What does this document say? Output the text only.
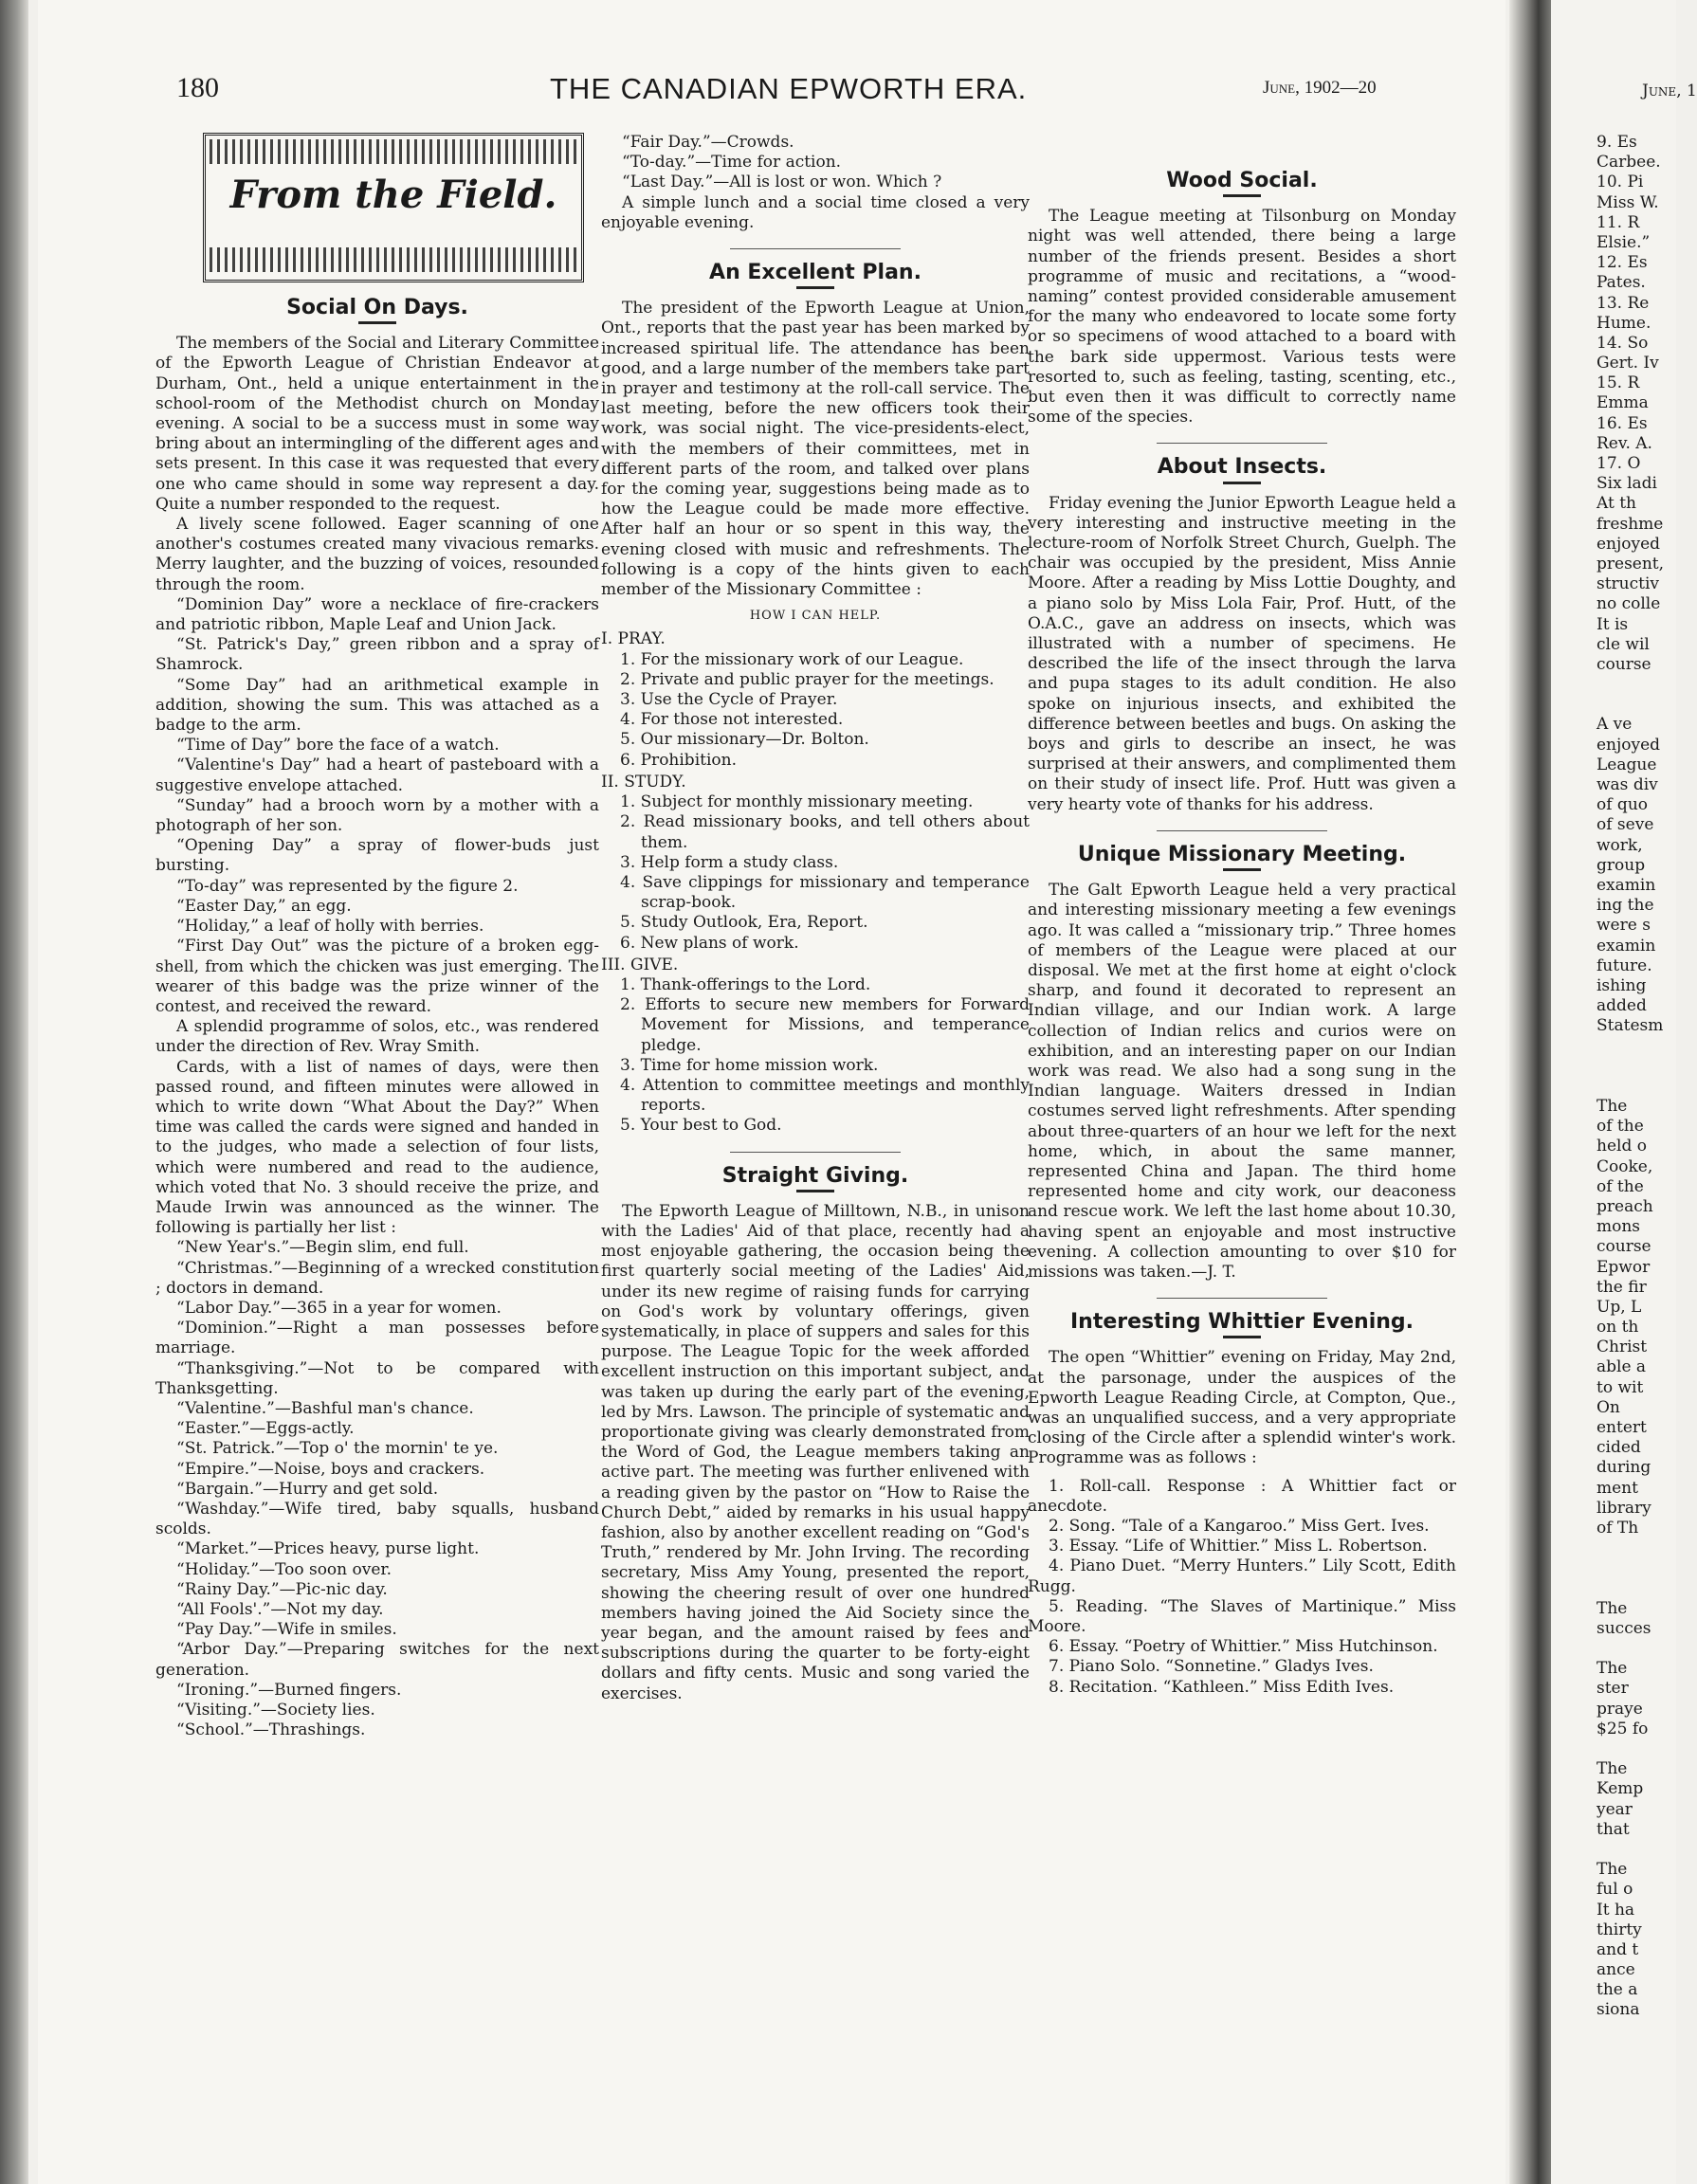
180	THE CANADIAN EPWORTH ERA.	June, 1902—20
From the Field.
Social On Days.

The members of the Social and Literary Committee of the Epworth League of Christian Endeavor at Durham, Ont., held a unique entertainment in the school-room of the Methodist church on Monday evening. A social to be a success must in some way bring about an intermingling of the different ages and sets present. In this case it was requested that every one who came should in some way represent a day. Quite a number responded to the request.

A lively scene followed. Eager scanning of one another's costumes created many vivacious remarks. Merry laughter, and the buzzing of voices, resounded through the room.

“Dominion Day” wore a necklace of fire-crackers and patriotic ribbon, Maple Leaf and Union Jack.

“St. Patrick's Day,” green ribbon and a spray of Shamrock.

“Some Day” had an arithmetical example in addition, showing the sum. This was attached as a badge to the arm.

“Time of Day” bore the face of a watch.

“Valentine's Day” had a heart of pasteboard with a suggestive envelope attached.

“Sunday” had a brooch worn by a mother with a photograph of her son.

“Opening Day” a spray of flower-buds just bursting.

“To-day” was represented by the figure 2.

“Easter Day,” an egg.

“Holiday,” a leaf of holly with berries.

“First Day Out” was the picture of a broken egg-shell, from which the chicken was just emerging. The wearer of this badge was the prize winner of the contest, and received the reward.

A splendid programme of solos, etc., was rendered under the direction of Rev. Wray Smith.

Cards, with a list of names of days, were then passed round, and fifteen minutes were allowed in which to write down “What About the Day?” When time was called the cards were signed and handed in to the judges, who made a selection of four lists, which were numbered and read to the audience, which voted that No. 3 should receive the prize, and Maude Irwin was announced as the winner. The following is partially her list :

“New Year's.”—Begin slim, end full.

“Christmas.”—Beginning of a wrecked constitution ; doctors in demand.

“Labor Day.”—365 in a year for women.

“Dominion.”—Right a man possesses before marriage.

“Thanksgiving.”—Not to be compared with Thanksgetting.

“Valentine.”—Bashful man's chance.

“Easter.”—Eggs-actly.

“St. Patrick.”—Top o' the mornin' te ye.

“Empire.”—Noise, boys and crackers.

“Bargain.”—Hurry and get sold.

“Washday.”—Wife tired, baby squalls, husband scolds.

“Market.”—Prices heavy, purse light.

“Holiday.”—Too soon over.

“Rainy Day.”—Pic-nic day.

“All Fools'.”—Not my day.

“Pay Day.”—Wife in smiles.

“Arbor Day.”—Preparing switches for the next generation.

“Ironing.”—Burned fingers.

“Visiting.”—Society lies.

“School.”—Thrashings.

“Fair Day.”—Crowds.

“To-day.”—Time for action.

“Last Day.”—All is lost or won. Which ?

A simple lunch and a social time closed a very enjoyable evening.

An Excellent Plan.

The president of the Epworth League at Union, Ont., reports that the past year has been marked by increased spiritual life. The attendance has been good, and a large number of the members take part in prayer and testimony at the roll-call service. The last meeting, before the new officers took their work, was social night. The vice-presidents-elect, with the members of their committees, met in different parts of the room, and talked over plans for the coming year, suggestions being made as to how the League could be made more effective. After half an hour or so spent in this way, the evening closed with music and refreshments. The following is a copy of the hints given to each member of the Missionary Committee :

HOW I CAN HELP.
I. PRAY.
1. For the missionary work of our League.
2. Private and public prayer for the meetings.
3. Use the Cycle of Prayer.
4. For those not interested.
5. Our missionary—Dr. Bolton.
6. Prohibition.
II. STUDY.
1. Subject for monthly missionary meeting.
2. Read missionary books, and tell others about them.
3. Help form a study class.
4. Save clippings for missionary and temperance scrap-book.
5. Study Outlook, Era, Report.
6. New plans of work.
III. GIVE.
1. Thank-offerings to the Lord.
2. Efforts to secure new members for Forward Movement for Missions, and temperance pledge.
3. Time for home mission work.
4. Attention to committee meetings and monthly reports.
5. Your best to God.
Straight Giving.

The Epworth League of Milltown, N.B., in unison with the Ladies' Aid of that place, recently had a most enjoyable gathering, the occasion being the first quarterly social meeting of the Ladies' Aid, under its new regime of raising funds for carrying on God's work by voluntary offerings, given systematically, in place of suppers and sales for this purpose. The League Topic for the week afforded excellent instruction on this important subject, and was taken up during the early part of the evening, led by Mrs. Lawson. The principle of systematic and proportionate giving was clearly demonstrated from the Word of God, the League members taking an active part. The meeting was further enlivened with a reading given by the pastor on “How to Raise the Church Debt,” aided by remarks in his usual happy fashion, also by another excellent reading on “God's Truth,” rendered by Mr. John Irving. The recording secretary, Miss Amy Young, presented the report, showing the cheering result of over one hundred members having joined the Aid Society since the year began, and the amount raised by fees and subscriptions during the quarter to be forty-eight dollars and fifty cents. Music and song varied the exercises.

Wood Social.

The League meeting at Tilsonburg on Monday night was well attended, there being a large number of the friends present. Besides a short programme of music and recitations, a “wood-naming” contest provided considerable amusement for the many who endeavored to locate some forty or so specimens of wood attached to a board with the bark side uppermost. Various tests were resorted to, such as feeling, tasting, scenting, etc., but even then it was difficult to correctly name some of the species.

About Insects.

Friday evening the Junior Epworth League held a very interesting and instructive meeting in the lecture-room of Norfolk Street Church, Guelph. The chair was occupied by the president, Miss Annie Moore. After a reading by Miss Lottie Doughty, and a piano solo by Miss Lola Fair, Prof. Hutt, of the O.A.C., gave an address on insects, which was illustrated with a number of specimens. He described the life of the insect through the larva and pupa stages to its adult condition. He also spoke on injurious insects, and exhibited the difference between beetles and bugs. On asking the boys and girls to describe an insect, he was surprised at their answers, and complimented them on their study of insect life. Prof. Hutt was given a very hearty vote of thanks for his address.

Unique Missionary Meeting.

The Galt Epworth League held a very practical and interesting missionary meeting a few evenings ago. It was called a “missionary trip.” Three homes of members of the League were placed at our disposal. We met at the first home at eight o'clock sharp, and found it decorated to represent an Indian village, and our Indian work. A large collection of Indian relics and curios were on exhibition, and an interesting paper on our Indian work was read. We also had a song sung in the Indian language. Waiters dressed in Indian costumes served light refreshments. After spending about three-quarters of an hour we left for the next home, which, in about the same manner, represented China and Japan. The third home represented home and city work, our deaconess and rescue work. We left the last home about 10.30, having spent an enjoyable and most instructive evening. A collection amounting to over $10 for missions was taken.—J. T.

Interesting Whittier Evening.

The open “Whittier” evening on Friday, May 2nd, at the parsonage, under the auspices of the Epworth League Reading Circle, at Compton, Que., was an unqualified success, and a very appropriate closing of the Circle after a splendid winter's work. Programme was as follows :

1. Roll-call. Response : A Whittier fact or anecdote.

2. Song. “Tale of a Kangaroo.” Miss Gert. Ives.

3. Essay. “Life of Whittier.” Miss L. Robertson.

4. Piano Duet. “Merry Hunters.” Lily Scott, Edith Rugg.

5. Reading. “The Slaves of Martinique.” Miss Moore.

6. Essay. “Poetry of Whittier.” Miss Hutchinson.

7. Piano Solo. “Sonnetine.” Gladys Ives.

8. Recitation. “Kathleen.” Miss Edith Ives.

June, 1
9. Es
Carbee.
10. Pi
Miss W.
11. R
Elsie.”
12. Es
Pates.
13. Re
Hume.
14. So
Gert. Iv
15. R
Emma
16. Es
Rev. A.
17. O
Six ladi
At th
freshme
enjoyed
present,
structiv
no colle
It is
cle wil
course
A ve
enjoyed
League
was div
of quo
of seve
work,
group
examin
ing the
were s
examin
future.
ishing
added
Statesm
The
of the
held o
Cooke,
of the
preach
mons
course
Epwor
the fir
Up, L
on th
Christ
able a
to wit
On
entert
cided
during
ment
library
of Th
The
succes
The
ster
praye
$25 fo
The
Kemp
year
that
The
ful o
It ha
thirty
and t
ance
the a
siona
